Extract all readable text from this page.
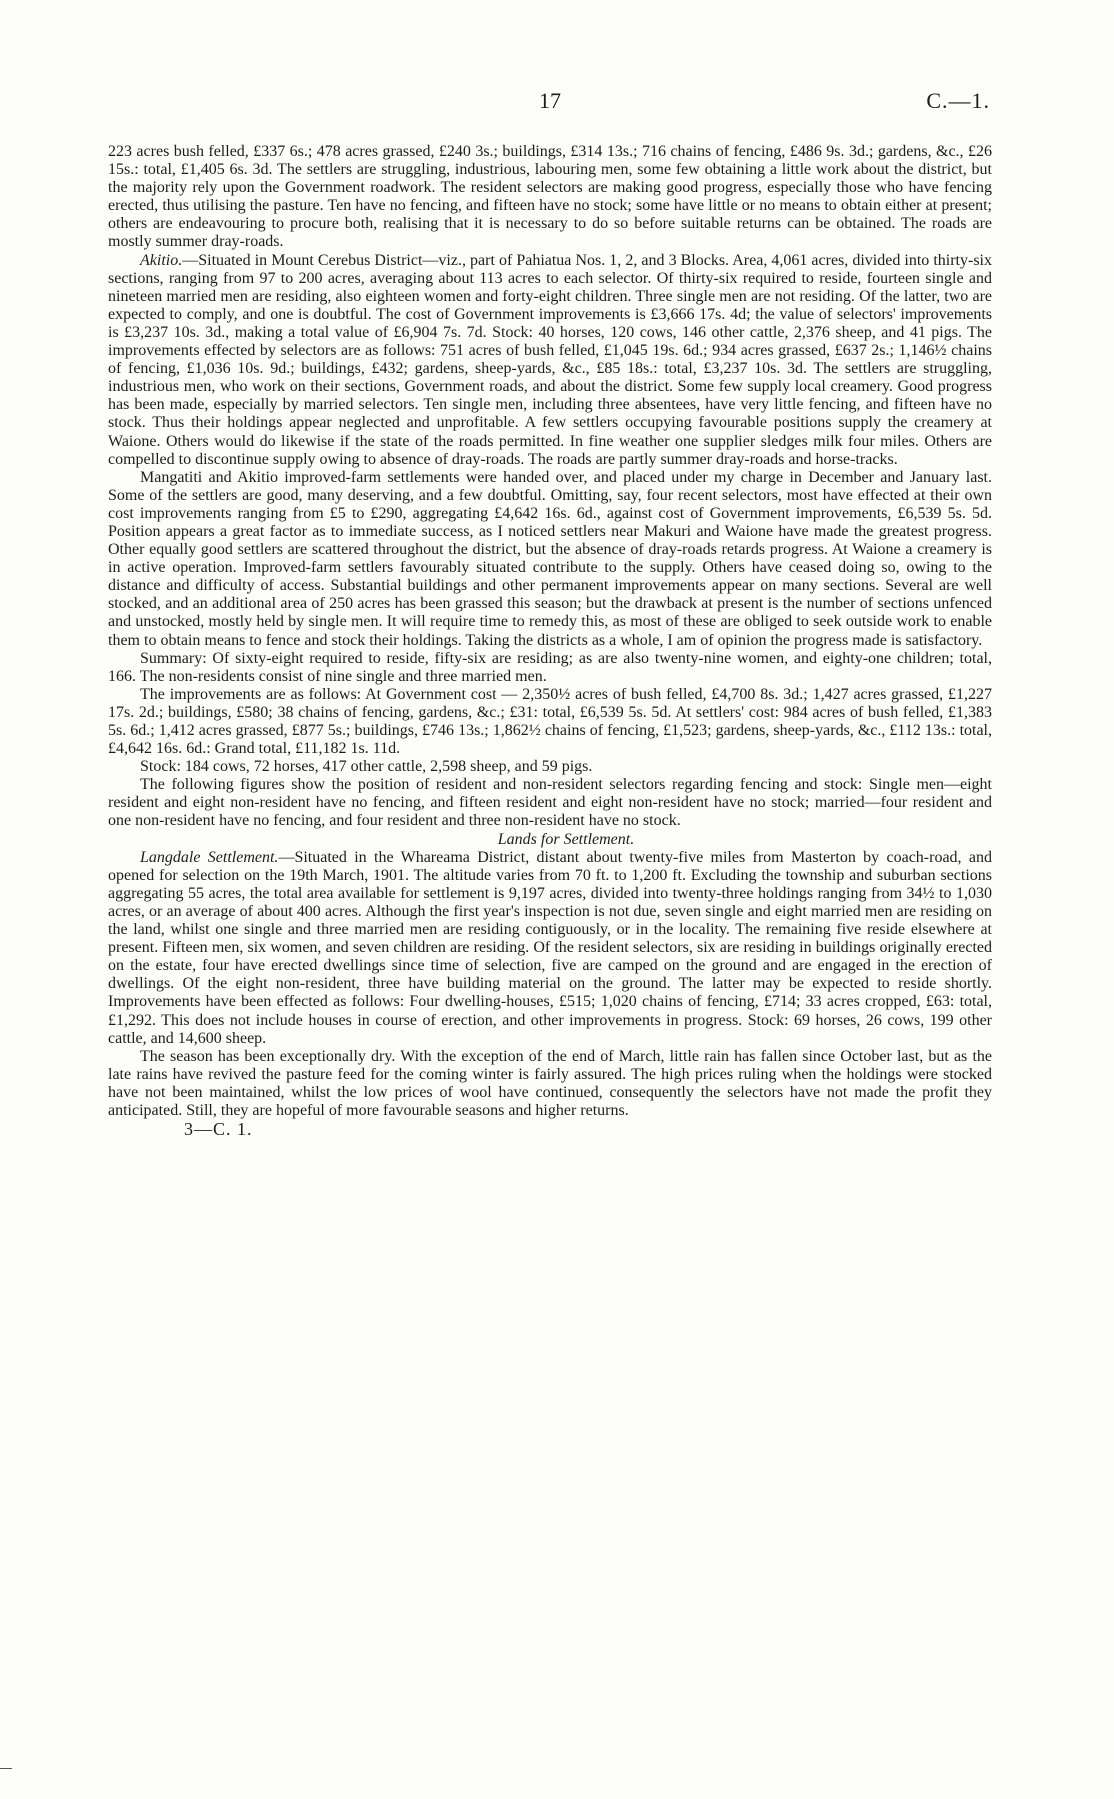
17	C.—1.

223 acres bush felled, £337 6s.; 478 acres grassed, £240 3s.; buildings, £314 13s.; 716 chains of fencing, £486 9s. 3d.; gardens, &c., £26 15s.: total, £1,405 6s. 3d. The settlers are struggling, industrious, labouring men, some few obtaining a little work about the district, but the majority rely upon the Government roadwork. The resident selectors are making good progress, especially those who have fencing erected, thus utilising the pasture. Ten have no fencing, and fifteen have no stock; some have little or no means to obtain either at present; others are endeavouring to procure both, realising that it is necessary to do so before suitable returns can be obtained. The roads are mostly summer dray-roads.

Akitio.—Situated in Mount Cerebus District—viz., part of Pahiatua Nos. 1, 2, and 3 Blocks. Area, 4,061 acres, divided into thirty-six sections, ranging from 97 to 200 acres, averaging about 113 acres to each selector. Of thirty-six required to reside, fourteen single and nineteen married men are residing, also eighteen women and forty-eight children. Three single men are not residing. Of the latter, two are expected to comply, and one is doubtful. The cost of Government improvements is £3,666 17s. 4d; the value of selectors' improvements is £3,237 10s. 3d., making a total value of £6,904 7s. 7d. Stock: 40 horses, 120 cows, 146 other cattle, 2,376 sheep, and 41 pigs. The improvements effected by selectors are as follows: 751 acres of bush felled, £1,045 19s. 6d.; 934 acres grassed, £637 2s.; 1,146½ chains of fencing, £1,036 10s. 9d.; buildings, £432; gardens, sheep-yards, &c., £85 18s.: total, £3,237 10s. 3d. The settlers are struggling, industrious men, who work on their sections, Government roads, and about the district. Some few supply local creamery. Good progress has been made, especially by married selectors. Ten single men, including three absentees, have very little fencing, and fifteen have no stock. Thus their holdings appear neglected and unprofitable. A few settlers occupying favourable positions supply the creamery at Waione. Others would do likewise if the state of the roads permitted. In fine weather one supplier sledges milk four miles. Others are compelled to discontinue supply owing to absence of dray-roads. The roads are partly summer dray-roads and horse-tracks.

Mangatiti and Akitio improved-farm settlements were handed over, and placed under my charge in December and January last. Some of the settlers are good, many deserving, and a few doubtful. Omitting, say, four recent selectors, most have effected at their own cost improvements ranging from £5 to £290, aggregating £4,642 16s. 6d., against cost of Government improvements, £6,539 5s. 5d. Position appears a great factor as to immediate success, as I noticed settlers near Makuri and Waione have made the greatest progress. Other equally good settlers are scattered throughout the district, but the absence of dray-roads retards progress. At Waione a creamery is in active operation. Improved-farm settlers favourably situated contribute to the supply. Others have ceased doing so, owing to the distance and difficulty of access. Substantial buildings and other permanent improvements appear on many sections. Several are well stocked, and an additional area of 250 acres has been grassed this season; but the drawback at present is the number of sections unfenced and unstocked, mostly held by single men. It will require time to remedy this, as most of these are obliged to seek outside work to enable them to obtain means to fence and stock their holdings. Taking the districts as a whole, I am of opinion the progress made is satisfactory.

Summary: Of sixty-eight required to reside, fifty-six are residing; as are also twenty-nine women, and eighty-one children; total, 166. The non-residents consist of nine single and three married men.

The improvements are as follows: At Government cost — 2,350½ acres of bush felled, £4,700 8s. 3d.; 1,427 acres grassed, £1,227 17s. 2d.; buildings, £580; 38 chains of fencing, gardens, &c.; £31: total, £6,539 5s. 5d. At settlers' cost: 984 acres of bush felled, £1,383 5s. 6d.; 1,412 acres grassed, £877 5s.; buildings, £746 13s.; 1,862½ chains of fencing, £1,523; gardens, sheep-yards, &c., £112 13s.: total, £4,642 16s. 6d.: Grand total, £11,182 1s. 11d.

Stock: 184 cows, 72 horses, 417 other cattle, 2,598 sheep, and 59 pigs.

The following figures show the position of resident and non-resident selectors regarding fencing and stock: Single men—eight resident and eight non-resident have no fencing, and fifteen resident and eight non-resident have no stock; married—four resident and one non-resident have no fencing, and four resident and three non-resident have no stock.

Lands for Settlement.

Langdale Settlement.—Situated in the Whareama District, distant about twenty-five miles from Masterton by coach-road, and opened for selection on the 19th March, 1901. The altitude varies from 70 ft. to 1,200 ft. Excluding the township and suburban sections aggregating 55 acres, the total area available for settlement is 9,197 acres, divided into twenty-three holdings ranging from 34½ to 1,030 acres, or an average of about 400 acres. Although the first year's inspection is not due, seven single and eight married men are residing on the land, whilst one single and three married men are residing contiguously, or in the locality. The remaining five reside elsewhere at present. Fifteen men, six women, and seven children are residing. Of the resident selectors, six are residing in buildings originally erected on the estate, four have erected dwellings since time of selection, five are camped on the ground and are engaged in the erection of dwellings. Of the eight non-resident, three have building material on the ground. The latter may be expected to reside shortly. Improvements have been effected as follows: Four dwelling-houses, £515; 1,020 chains of fencing, £714; 33 acres cropped, £63: total, £1,292. This does not include houses in course of erection, and other improvements in progress. Stock: 69 horses, 26 cows, 199 other cattle, and 14,600 sheep.

The season has been exceptionally dry. With the exception of the end of March, little rain has fallen since October last, but as the late rains have revived the pasture feed for the coming winter is fairly assured. The high prices ruling when the holdings were stocked have not been maintained, whilst the low prices of wool have continued, consequently the selectors have not made the profit they anticipated. Still, they are hopeful of more favourable seasons and higher returns.

3—C. 1.
